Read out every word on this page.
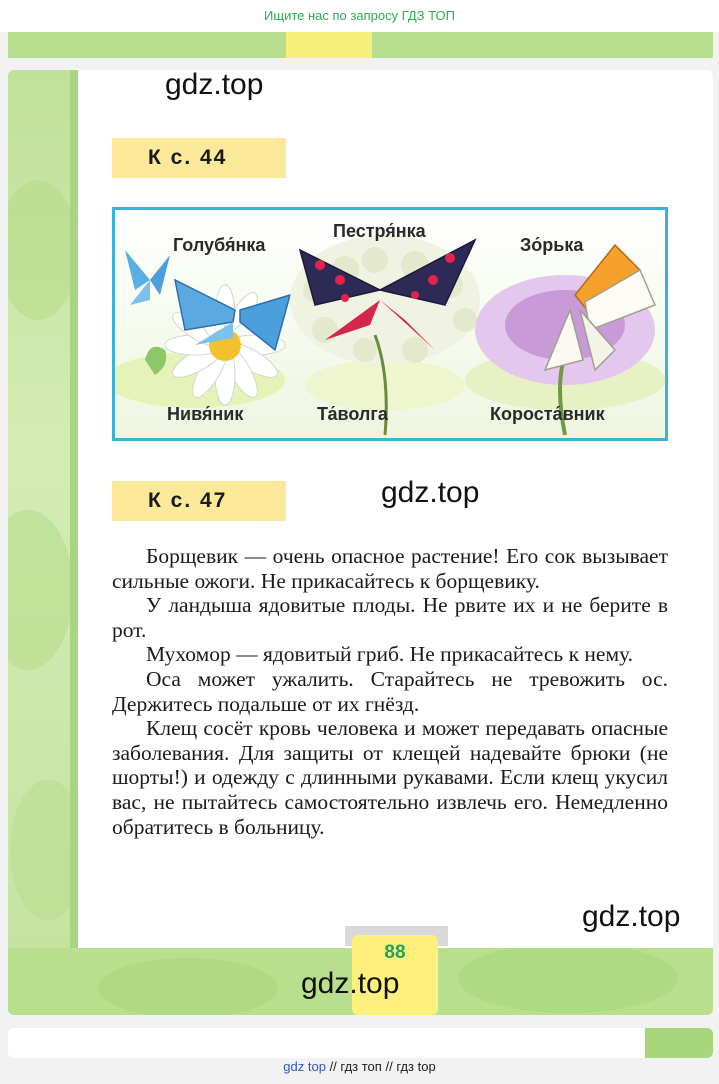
Ищите нас по запросу ГДЗ ТОП
gdz.top
gdz.top
К с. 44
Голубя́нка
Пестря́нка
Зо́рька
Нивя́ник	Та́волга	Короста́вник
К с. 47

Борщевик — очень опасное растение! Его сок вызывает сильные ожоги. Не прикасайтесь к борщевику.

У ландыша ядовитые плоды. Не рвите их и не берите в рот.

Мухомор — ядовитый гриб. Не прикасайтесь к нему.

Оса может ужалить. Старайтесь не тревожить ос. Держитесь подальше от их гнёзд.

Клещ сосёт кровь человека и может передавать опасные заболевания. Для защиты от клещей надевайте брюки (не шорты!) и одежду с длинными рукавами. Если клещ укусил вас, не пытайтесь самостоятельно извлечь его. Немедленно обратитесь в больницу.

gdz.top
88
gdz.top
gdz top // гдз топ // гдз top
